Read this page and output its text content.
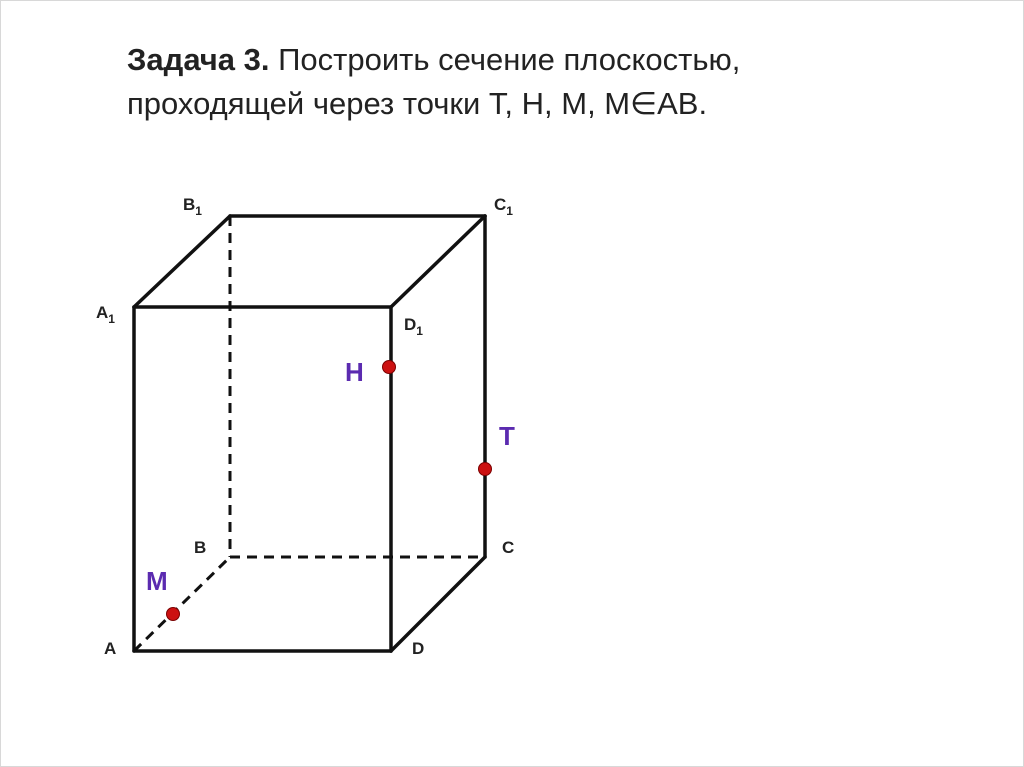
Задача 3. Построить сечение плоскостью,
проходящей через точки Т, Н, М, М∈АВ.
$B_1$	$C_1$
$A_1$	$D_1$
B	C
A	D
H
T
M
